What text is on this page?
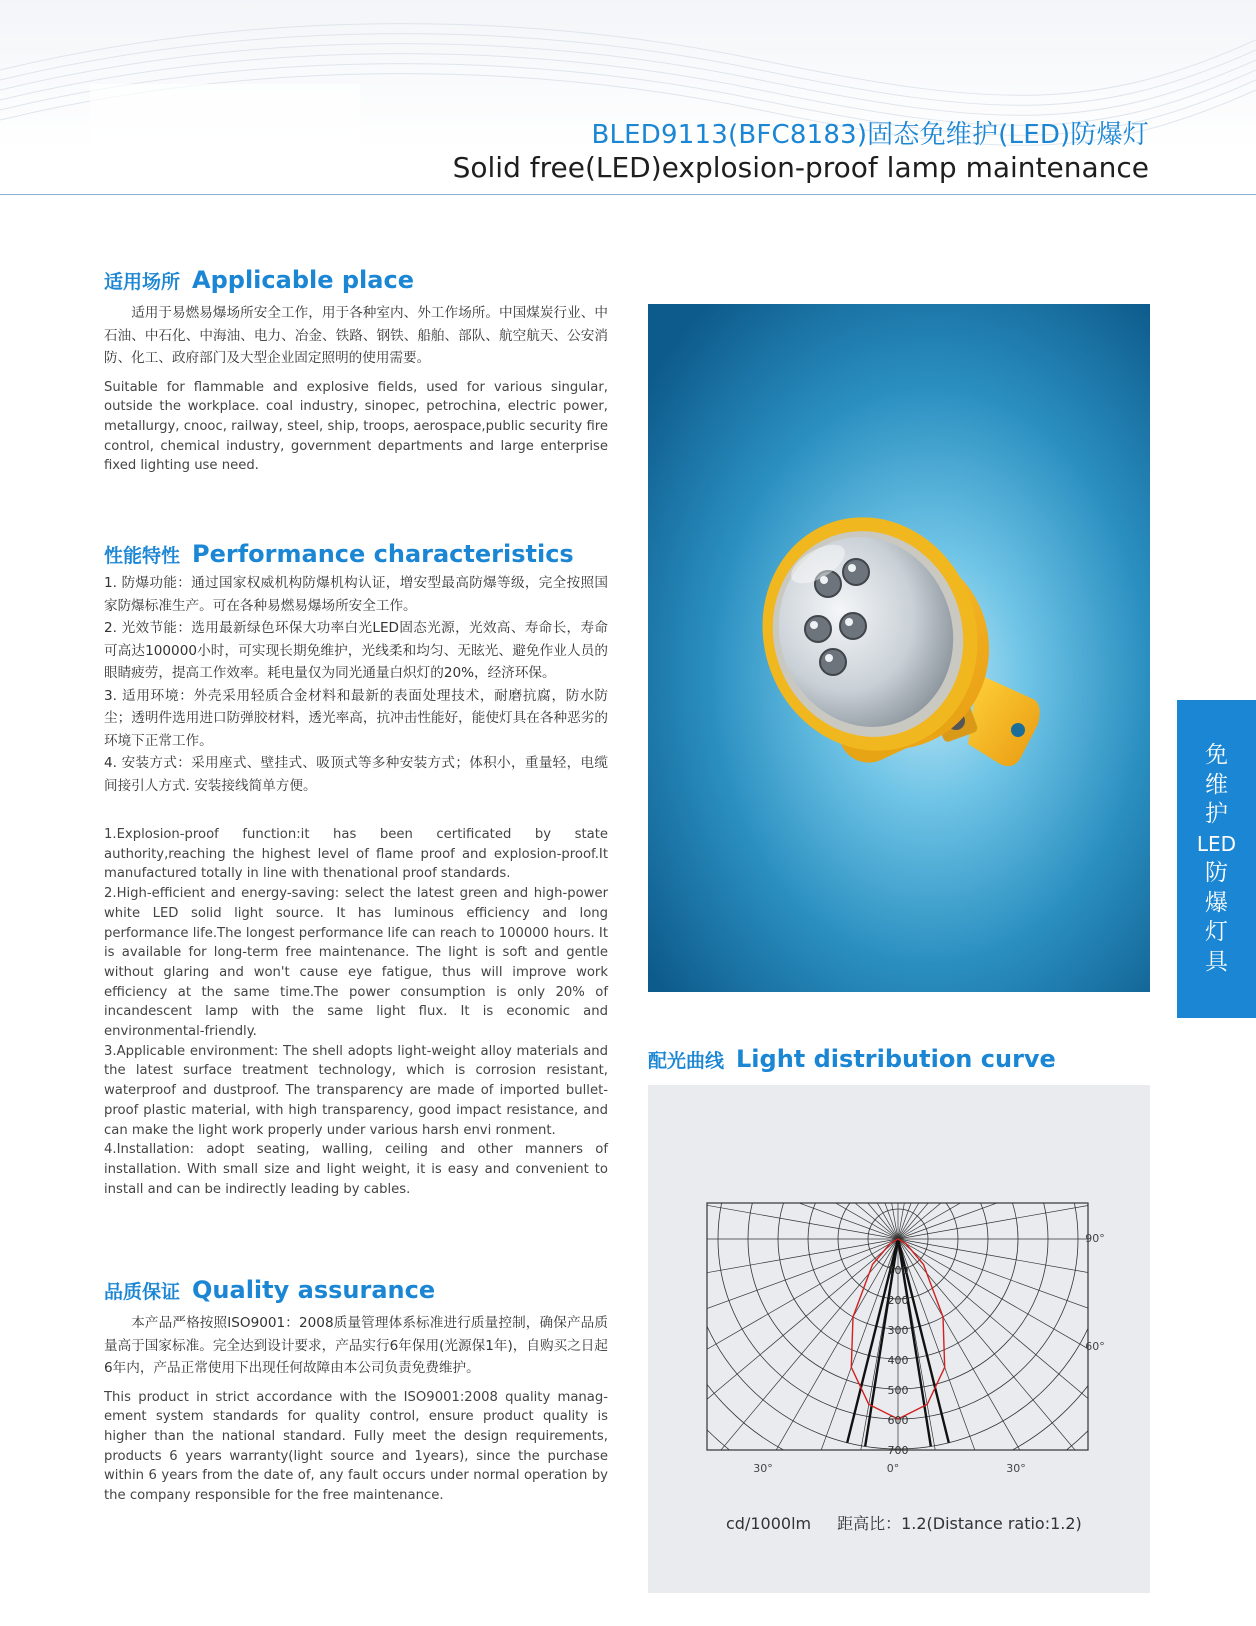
BLED9113(BFC8183)固态免维护(LED)防爆灯
Solid free(LED)explosion-proof lamp maintenance
适用场所 Applicable place

适用于易燃易爆场所安全工作，用于各种室内、外工作场所。中国煤炭行业、中石油、中石化、中海油、电力、冶金、铁路、钢铁、船舶、部队、航空航天、公安消防、化工、政府部门及大型企业固定照明的使用需要。

Suitable for flammable and explosive fields, used for various singular, outside the workplace. coal industry, sinopec, petrochina, electric power, metallurgy, cnooc, railway, steel, ship, troops, aerospace,public security fire control, chemical industry, government departments and large enterprise fixed lighting use need.

性能特性 Performance characteristics

1. 防爆功能：通过国家权威机构防爆机构认证，增安型最高防爆等级，完全按照国家防爆标准生产。可在各种易燃易爆场所安全工作。

2. 光效节能：选用最新绿色环保大功率白光LED固态光源，光效高、寿命长，寿命可高达100000小时，可实现长期免维护，光线柔和均匀、无眩光、避免作业人员的眼睛疲劳，提高工作效率。耗电量仅为同光通量白炽灯的20%，经济环保。

3. 适用环境：外壳采用轻质合金材料和最新的表面处理技术，耐磨抗腐，防水防尘；透明件选用进口防弹胶材料，透光率高，抗冲击性能好，能使灯具在各种恶劣的环境下正常工作。

4. 安装方式：采用座式、壁挂式、吸顶式等多种安装方式；体积小，重量轻，电缆间接引人方式. 安装接线简单方便。

1.Explosion-proof function:it has been certificated by state authority,reaching the highest level of flame proof and explosion-proof.It manufactured totally in line with thenational proof standards.

2.High-efficient and energy-saving: select the latest green and high-power white LED solid light source. It has luminous efficiency and long performance life.The longest performance life can reach to 100000 hours. It is available for long-term free maintenance. The light is soft and gentle without glaring and won't cause eye fatigue, thus will improve work efficiency at the same time.The power consumption is only 20% of incandescent lamp with the same light flux. It is economic and environmental-friendly.

3.Applicable environment: The shell adopts light-weight alloy materials and the latest surface treatment technology, which is corrosion resistant, waterproof and dustproof. The transparency are made of imported bullet-proof plastic material, with high transparency, good impact resistance, and can make the light work properly under various harsh envi ronment.

4.Installation: adopt seating, walling, ceiling and other manners of installation. With small size and light weight, it is easy and convenient to install and can be indirectly leading by cables.

品质保证 Quality assurance

本产品严格按照ISO9001：2008质量管理体系标准进行质量控制，确保产品质量高于国家标准。完全达到设计要求，产品实行6年保用(光源保1年)，自购买之日起6年内，产品正常使用下出现任何故障由本公司负责免费维护。

This product in strict accordance with the ISO9001:2008 quality manag-ement system standards for quality control, ensure product quality is higher than the national standard. Fully meet the design requirements, products 6 years warranty(light source and 1years), since the purchase within 6 years from the date of, any fault occurs under normal operation by the company responsible for the free maintenance.

免
维
护
LED
防
爆
灯
具
配光曲线 Light distribution curve
100
200
300
400
500
600
700
30°	0°	30°
90°
60°
cd/1000lm 距高比：1.2(Distance ratio:1.2)
